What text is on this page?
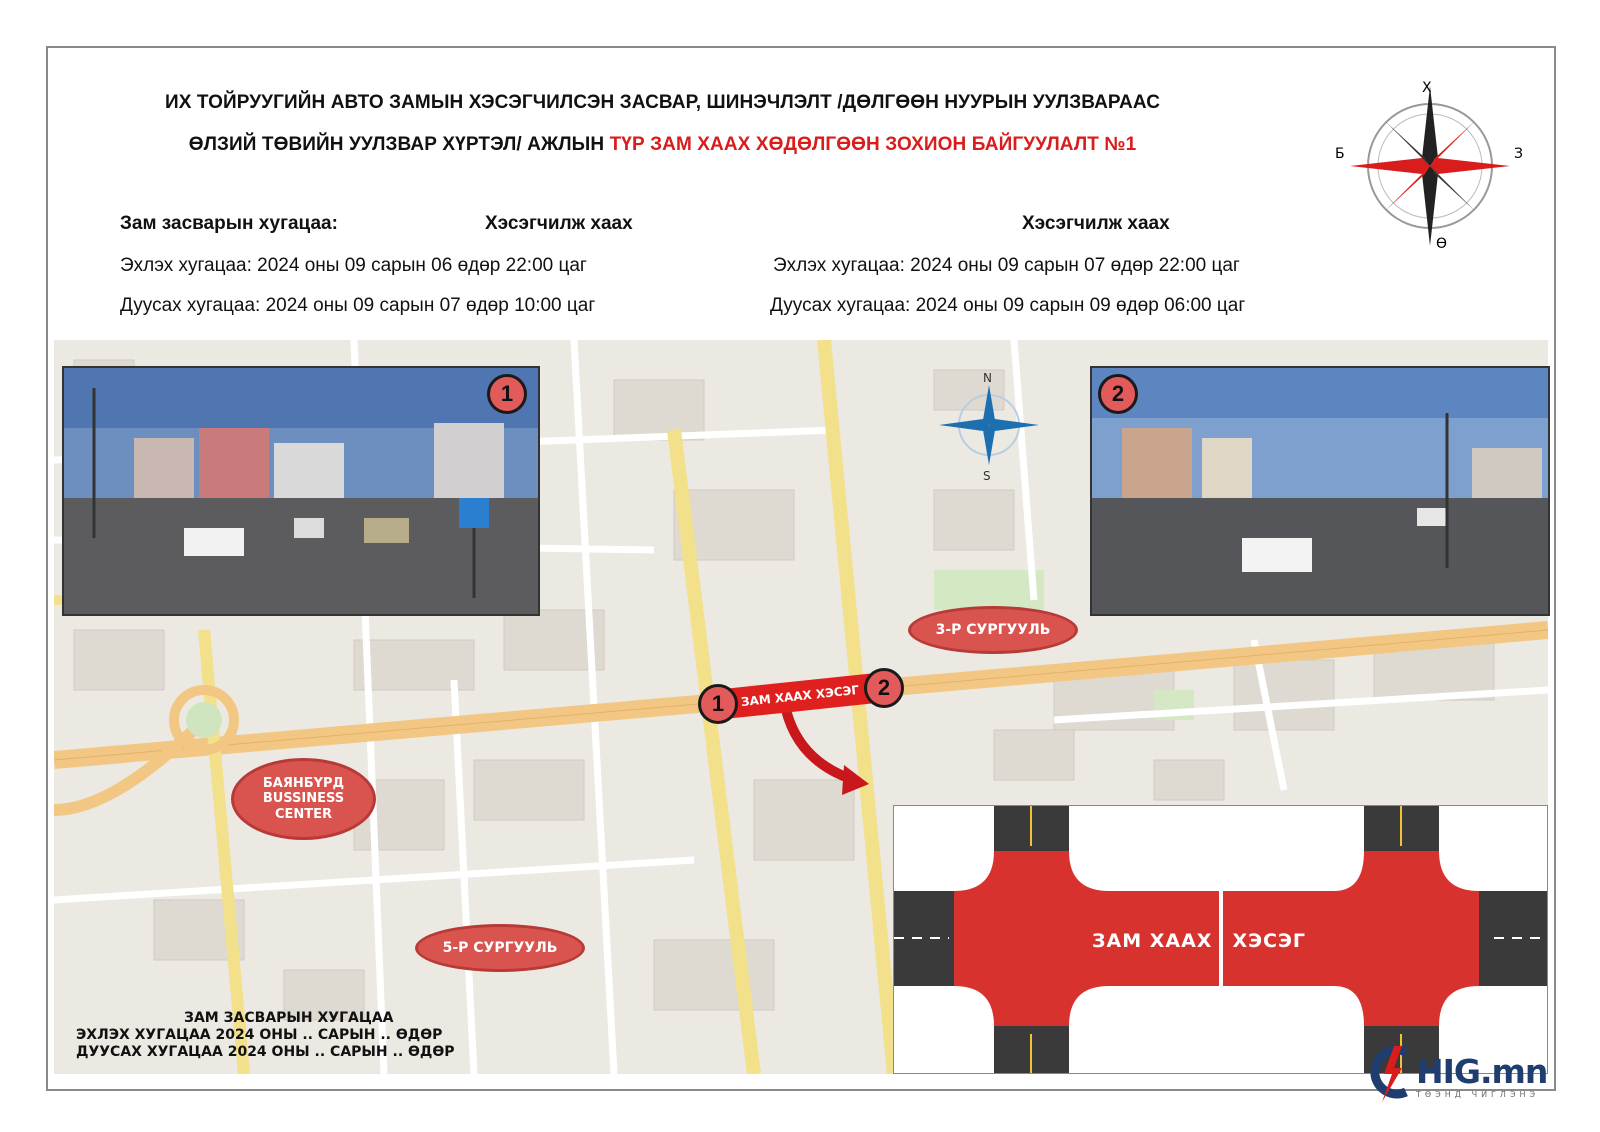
ИХ ТОЙРУУГИЙН АВТО ЗАМЫН ХЭСЭГЧИЛСЭН ЗАСВАР, ШИНЭЧЛЭЛТ /ДӨЛГӨӨН НУУРЫН УУЛЗВАРААС
ӨЛЗИЙ ТӨВИЙН УУЛЗВАР ХҮРТЭЛ/ АЖЛЫН ТҮР ЗАМ ХААХ ХӨДӨЛГӨӨН ЗОХИОН БАЙГУУЛАЛТ №1
Зам засварын хугацаа:	Хэсэгчилж хаах
Эхлэх хугацаа: 2024 оны 09 сарын 06 өдөр 22:00 цаг
Дуусах хугацаа: 2024 оны 09 сарын 07 өдөр 10:00 цаг
Хэсэгчилж хаах
Эхлэх хугацаа: 2024 оны 09 сарын 07 өдөр 22:00 цаг
Дуусах хугацаа: 2024 оны 09 сарын 09 өдөр 06:00 цаг
Х
Ө
Б	З
N
S
1	2
3-Р СУРГУУЛЬ
5-Р СУРГУУЛЬ
БАЯНБҮРД
BUSSINESS
CENTER
ЗАМ ХААХ ХЭСЭГ
1
2
ЗАМ ХААХ ХЭСЭГ
ЗАМ ЗАСВАРЫН ХУГАЦАА
ЭХЛЭХ ХУГАЦАА 2024 ОНЫ .. САРЫН .. ӨДӨР
ДУУСАХ ХУГАЦАА 2024 ОНЫ .. САРЫН .. ӨДӨР	HIG.mn
ТӨЭНД ЧИГЛЭНЭ
